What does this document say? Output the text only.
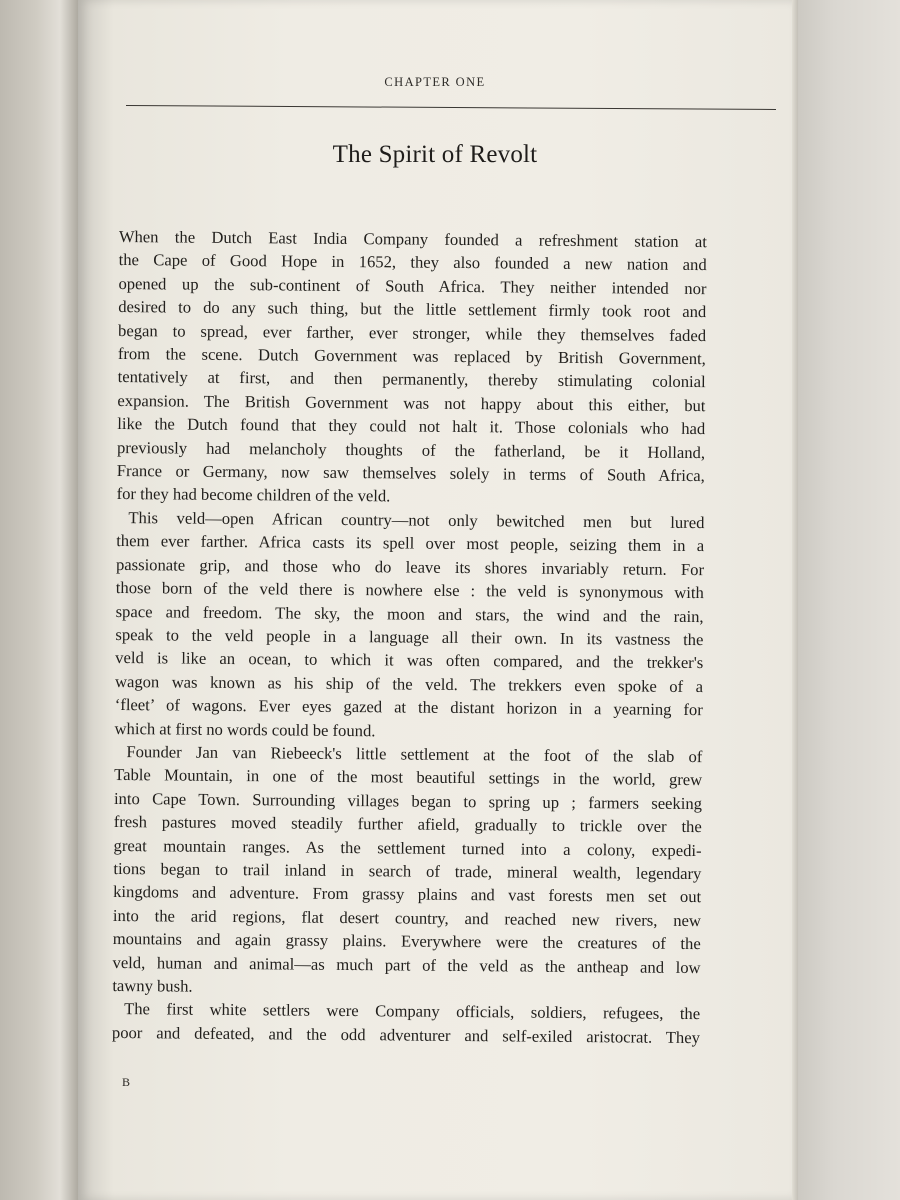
CHAPTER ONE
The Spirit of Revolt

When the Dutch East India Company founded a refreshment station at

the Cape of Good Hope in 1652, they also founded a new nation and

opened up the sub-continent of South Africa. They neither intended nor

desired to do any such thing, but the little settlement firmly took root and

began to spread, ever farther, ever stronger, while they themselves faded

from the scene. Dutch Government was replaced by British Government,

tentatively at first, and then permanently, thereby stimulating colonial

expansion. The British Government was not happy about this either, but

like the Dutch found that they could not halt it. Those colonials who had

previously had melancholy thoughts of the fatherland, be it Holland,

France or Germany, now saw themselves solely in terms of South Africa,

for they had become children of the veld.

This veld—open African country—not only bewitched men but lured

them ever farther. Africa casts its spell over most people, seizing them in a

passionate grip, and those who do leave its shores invariably return. For

those born of the veld there is nowhere else : the veld is synonymous with

space and freedom. The sky, the moon and stars, the wind and the rain,

speak to the veld people in a language all their own. In its vastness the

veld is like an ocean, to which it was often compared, and the trekker's

wagon was known as his ship of the veld. The trekkers even spoke of a

‘fleet’ of wagons. Ever eyes gazed at the distant horizon in a yearning for

which at first no words could be found.

Founder Jan van Riebeeck's little settlement at the foot of the slab of

Table Mountain, in one of the most beautiful settings in the world, grew

into Cape Town. Surrounding villages began to spring up ; farmers seeking

fresh pastures moved steadily further afield, gradually to trickle over the

great mountain ranges. As the settlement turned into a colony, expedi-

tions began to trail inland in search of trade, mineral wealth, legendary

kingdoms and adventure. From grassy plains and vast forests men set out

into the arid regions, flat desert country, and reached new rivers, new

mountains and again grassy plains. Everywhere were the creatures of the

veld, human and animal—as much part of the veld as the antheap and low

tawny bush.

The first white settlers were Company officials, soldiers, refugees, the

poor and defeated, and the odd adventurer and self-exiled aristocrat. They

B
